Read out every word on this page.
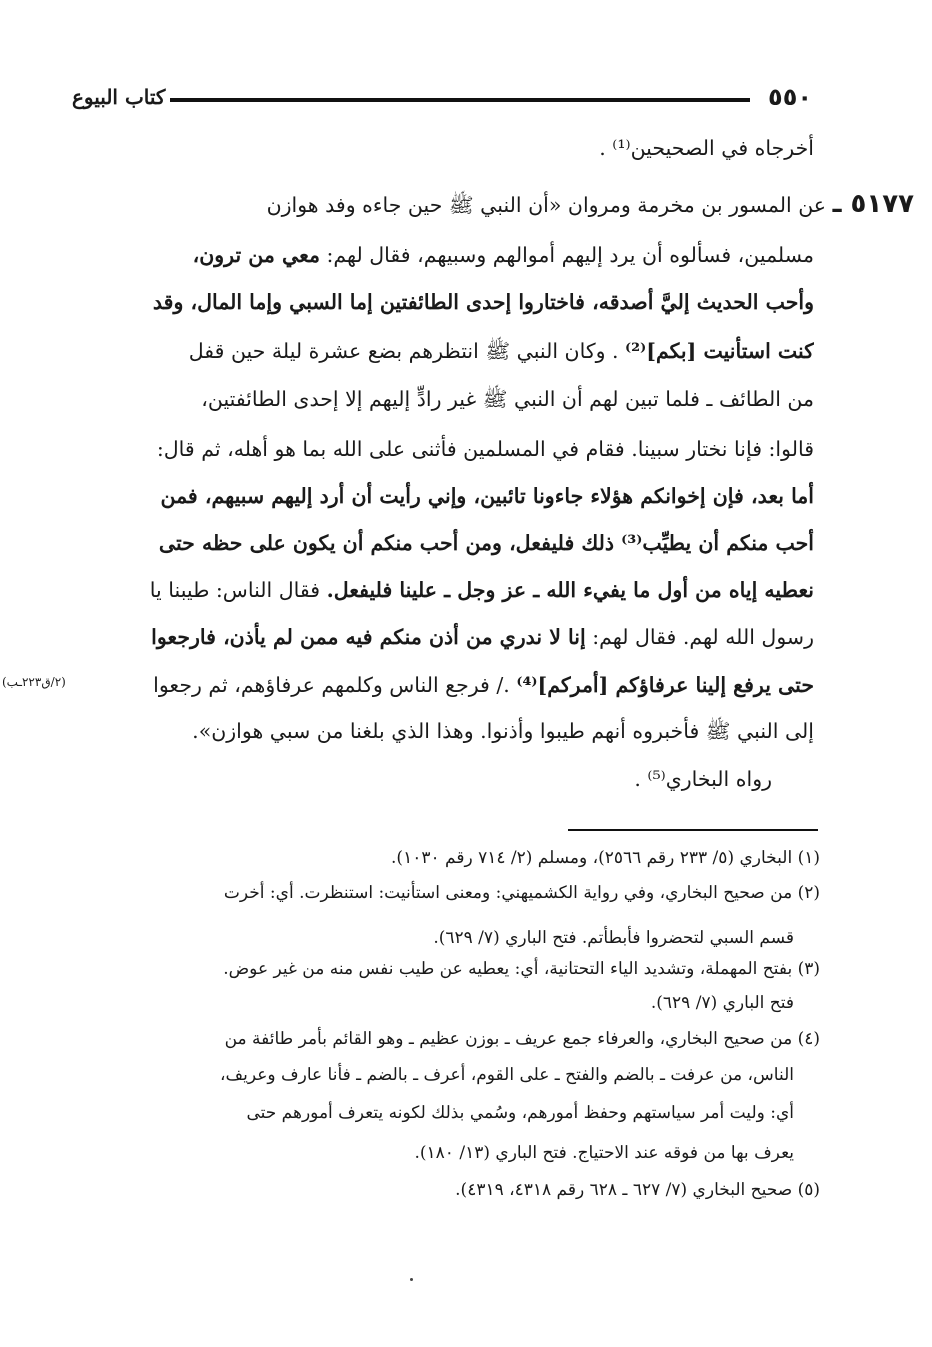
٥٥٠
كتاب البيوع
(٢/ق٢٢٣ـب)
أخرجاه في الصحيحين⁽¹⁾ .
٥١٧٧ ـ عن المسور بن مخرمة ومروان «أن النبي ﷺ حين جاءه وفد هوازن
مسلمين، فسألوه أن يرد إليهم أموالهم وسبيهم، فقال لهم: معي من ترون،
وأحب الحديث إليَّ أصدقه، فاختاروا إحدى الطائفتين إما السبي وإما المال، وقد
كنت استأنيت [بكم]⁽²⁾ . وكان النبي ﷺ انتظرهم بضع عشرة ليلة حين قفل
من الطائف ـ فلما تبين لهم أن النبي ﷺ غير رادٍّ إليهم إلا إحدى الطائفتين،
قالوا: فإنا نختار سبينا. فقام في المسلمين فأثنى على الله بما هو أهله، ثم قال:
أما بعد، فإن إخوانكم هؤلاء جاءونا تائبين، وإني رأيت أن أرد إليهم سبيهم، فمن
أحب منكم أن يطيِّب⁽³⁾ ذلك فليفعل، ومن أحب منكم أن يكون على حظه حتى
نعطيه إياه من أول ما يفيء الله ـ عز وجل ـ علينا فليفعل. فقال الناس: طيبنا يا
رسول الله لهم. فقال لهم: إنا لا ندري من أذن منكم فيه ممن لم يأذن، فارجعوا
حتى يرفع إلينا عرفاؤكم [أمركم]⁽⁴⁾ ./ فرجع الناس وكلمهم عرفاؤهم، ثم رجعوا
إلى النبي ﷺ فأخبروه أنهم طيبوا وأذنوا. وهذا الذي بلغنا من سبي هوازن».
رواه البخاري⁽⁵⁾ .
(١) البخاري (٥/ ٢٣٣ رقم ٢٥٦٦)، ومسلم (٢/ ٧١٤ رقم ١٠٣٠).
(٢) من صحيح البخاري، وفي رواية الكشميهني: ومعنى استأنيت: استنظرت. أي: أخرت
قسم السبي لتحضروا فأبطأتم. فتح الباري (٧/ ٦٢٩).
(٣) بفتح المهملة، وتشديد الياء التحتانية، أي: يعطيه عن طيب نفس منه من غير عوض.
فتح الباري (٧/ ٦٢٩).
(٤) من صحيح البخاري، والعرفاء جمع عريف ـ بوزن عظيم ـ وهو القائم بأمر طائفة من
الناس، من عرفت ـ بالضم والفتح ـ على القوم، أعرف ـ بالضم ـ فأنا عارف وعريف،
أي: وليت أمر سياستهم وحفظ أمورهم، وسُمي بذلك لكونه يتعرف أمورهم حتى
يعرف بها من فوقه عند الاحتياج. فتح الباري (١٣/ ١٨٠).
(٥) صحيح البخاري (٧/ ٦٢٧ ـ ٦٢٨ رقم ٤٣١٨، ٤٣١٩).
